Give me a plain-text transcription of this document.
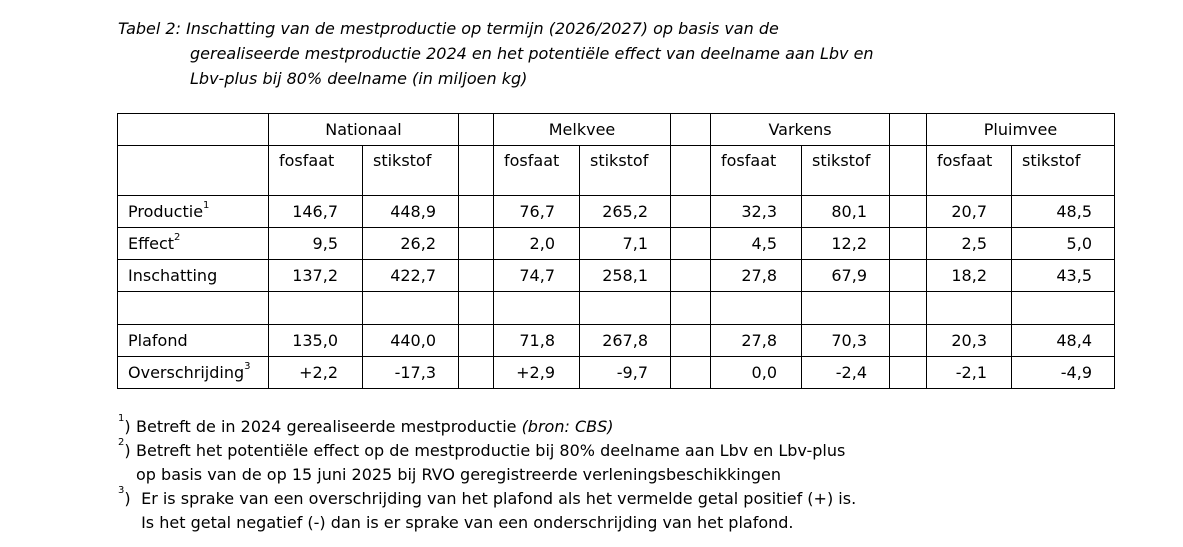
Tabel 2: Inschatting van de mestproductie op termijn (2026/2027) op basis van de
gerealiseerde mestproductie 2024 en het potentiële effect van deelname aan Lbv en
Lbv-plus bij 80% deelname (in miljoen kg)
	Nationaal			Melkvee			Varkens			Pluimvee	
	fosfaat	stikstof		fosfaat	stikstof		fosfaat	stikstof		fosfaat	stikstof
Productie$^1$	146,7	448,9		76,7	265,2		32,3	80,1		20,7	48,5
Effect$^2$	9,5	26,2		2,0	7,1		4,5	12,2		2,5	5,0
Inschatting	137,2	422,7		74,7	258,1		27,8	67,9		18,2	43,5

Plafond	135,0	440,0		71,8	267,8		27,8	70,3		20,3	48,4
Overschrijding$^3$	+2,2	-17,3		+2,9	-9,7		0,0	-2,4		-2,1	-4,9
$^1$) Betreft de in 2024 gerealiseerde mestproductie (bron: CBS)
$^2$) Betreft het potentiële effect op de mestproductie bij 80% deelname aan Lbv en Lbv-plus
op basis van de op 15 juni 2025 bij RVO geregistreerde verleningsbeschikkingen
$^3$) Er is sprake van een overschrijding van het plafond als het vermelde getal positief (+) is.
Is het getal negatief (-) dan is er sprake van een onderschrijding van het plafond.
